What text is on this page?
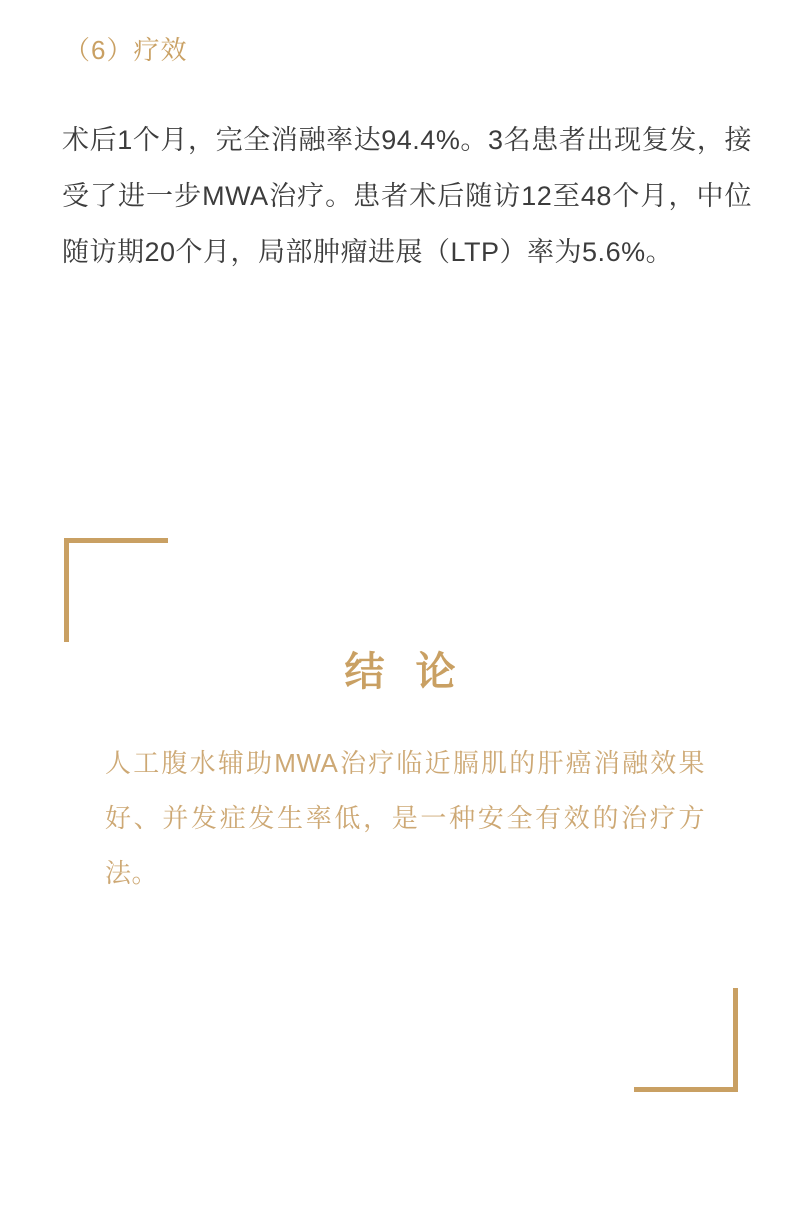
（6）疗效
术后1个月，完全消融率达94.4%。3名患者出现复发，接受了进一步MWA治疗。患者术后随访12至48个月，中位随访期20个月，局部肿瘤进展（LTP）率为5.6%。
结 论
人工腹水辅助MWA治疗临近膈肌的肝癌消融效果好、并发症发生率低，是一种安全有效的治疗方法。
